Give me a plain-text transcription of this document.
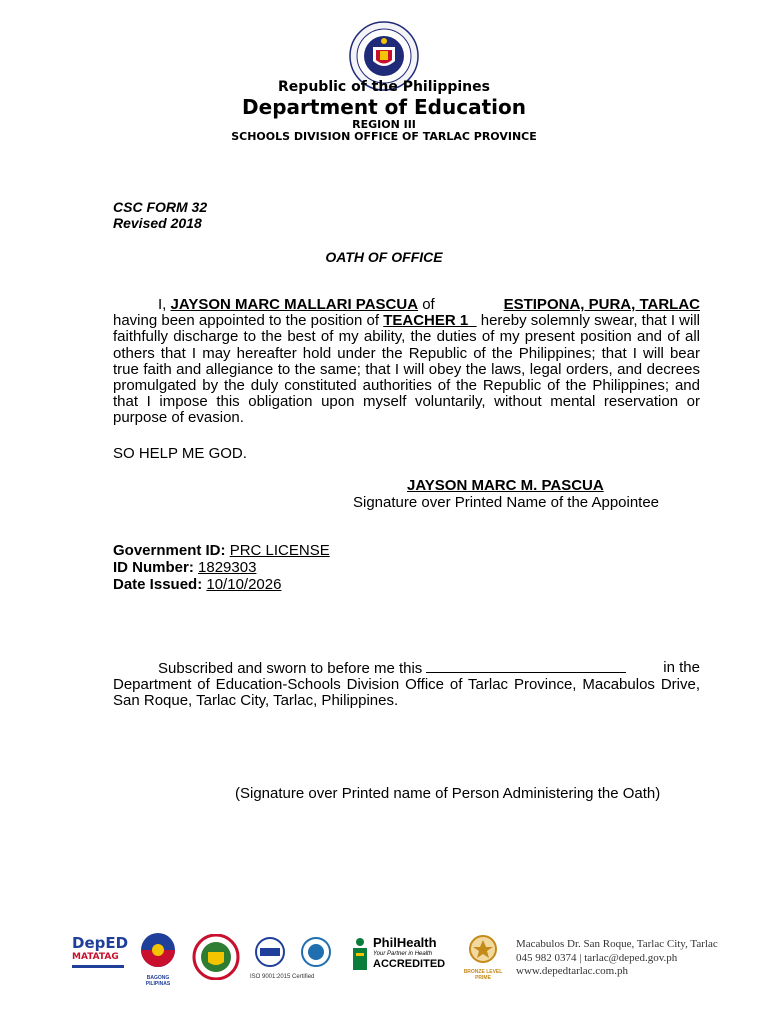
Republic of the Philippines
Department of Education
REGION III
SCHOOLS DIVISION OFFICE OF TARLAC PROVINCE
CSC FORM 32
Revised 2018
OATH OF OFFICE
I, JAYSON MARC MALLARI PASCUA of	ESTIPONA, PURA, TARLAC
having been appointed to the position of TEACHER 1 hereby solemnly swear, that I will faithfully discharge to the best of my ability, the duties of my present position and of all others that I may hereafter hold under the Republic of the Philippines; that I will bear true faith and allegiance to the same; that I will obey the laws, legal orders, and decrees promulgated by the duly constituted authorities of the Republic of the Philippines; and that I impose this obligation upon myself voluntarily, without mental reservation or purpose of evasion.
SO HELP ME GOD.
JAYSON MARC M. PASCUA
Signature over Printed Name of the Appointee
Government ID: PRC LICENSE
ID Number: 1829303
Date Issued: 10/10/2026
Subscribed and sworn to before me this	in the
Department of Education-Schools Division Office of Tarlac Province, Macabulos Drive, San Roque, Tarlac City, Tarlac, Philippines.
(Signature over Printed name of Person Administering the Oath)
DepED
MATATAG
BAGONG PILIPINAS
ISO 9001:2015 Certified
PhilHealth
Your Partner in Health
ACCREDITED
BRONZE LEVEL PRIME
Macabulos Dr. San Roque, Tarlac City, Tarlac
045 982 0374 | tarlac@deped.gov.ph
www.depedtarlac.com.ph
